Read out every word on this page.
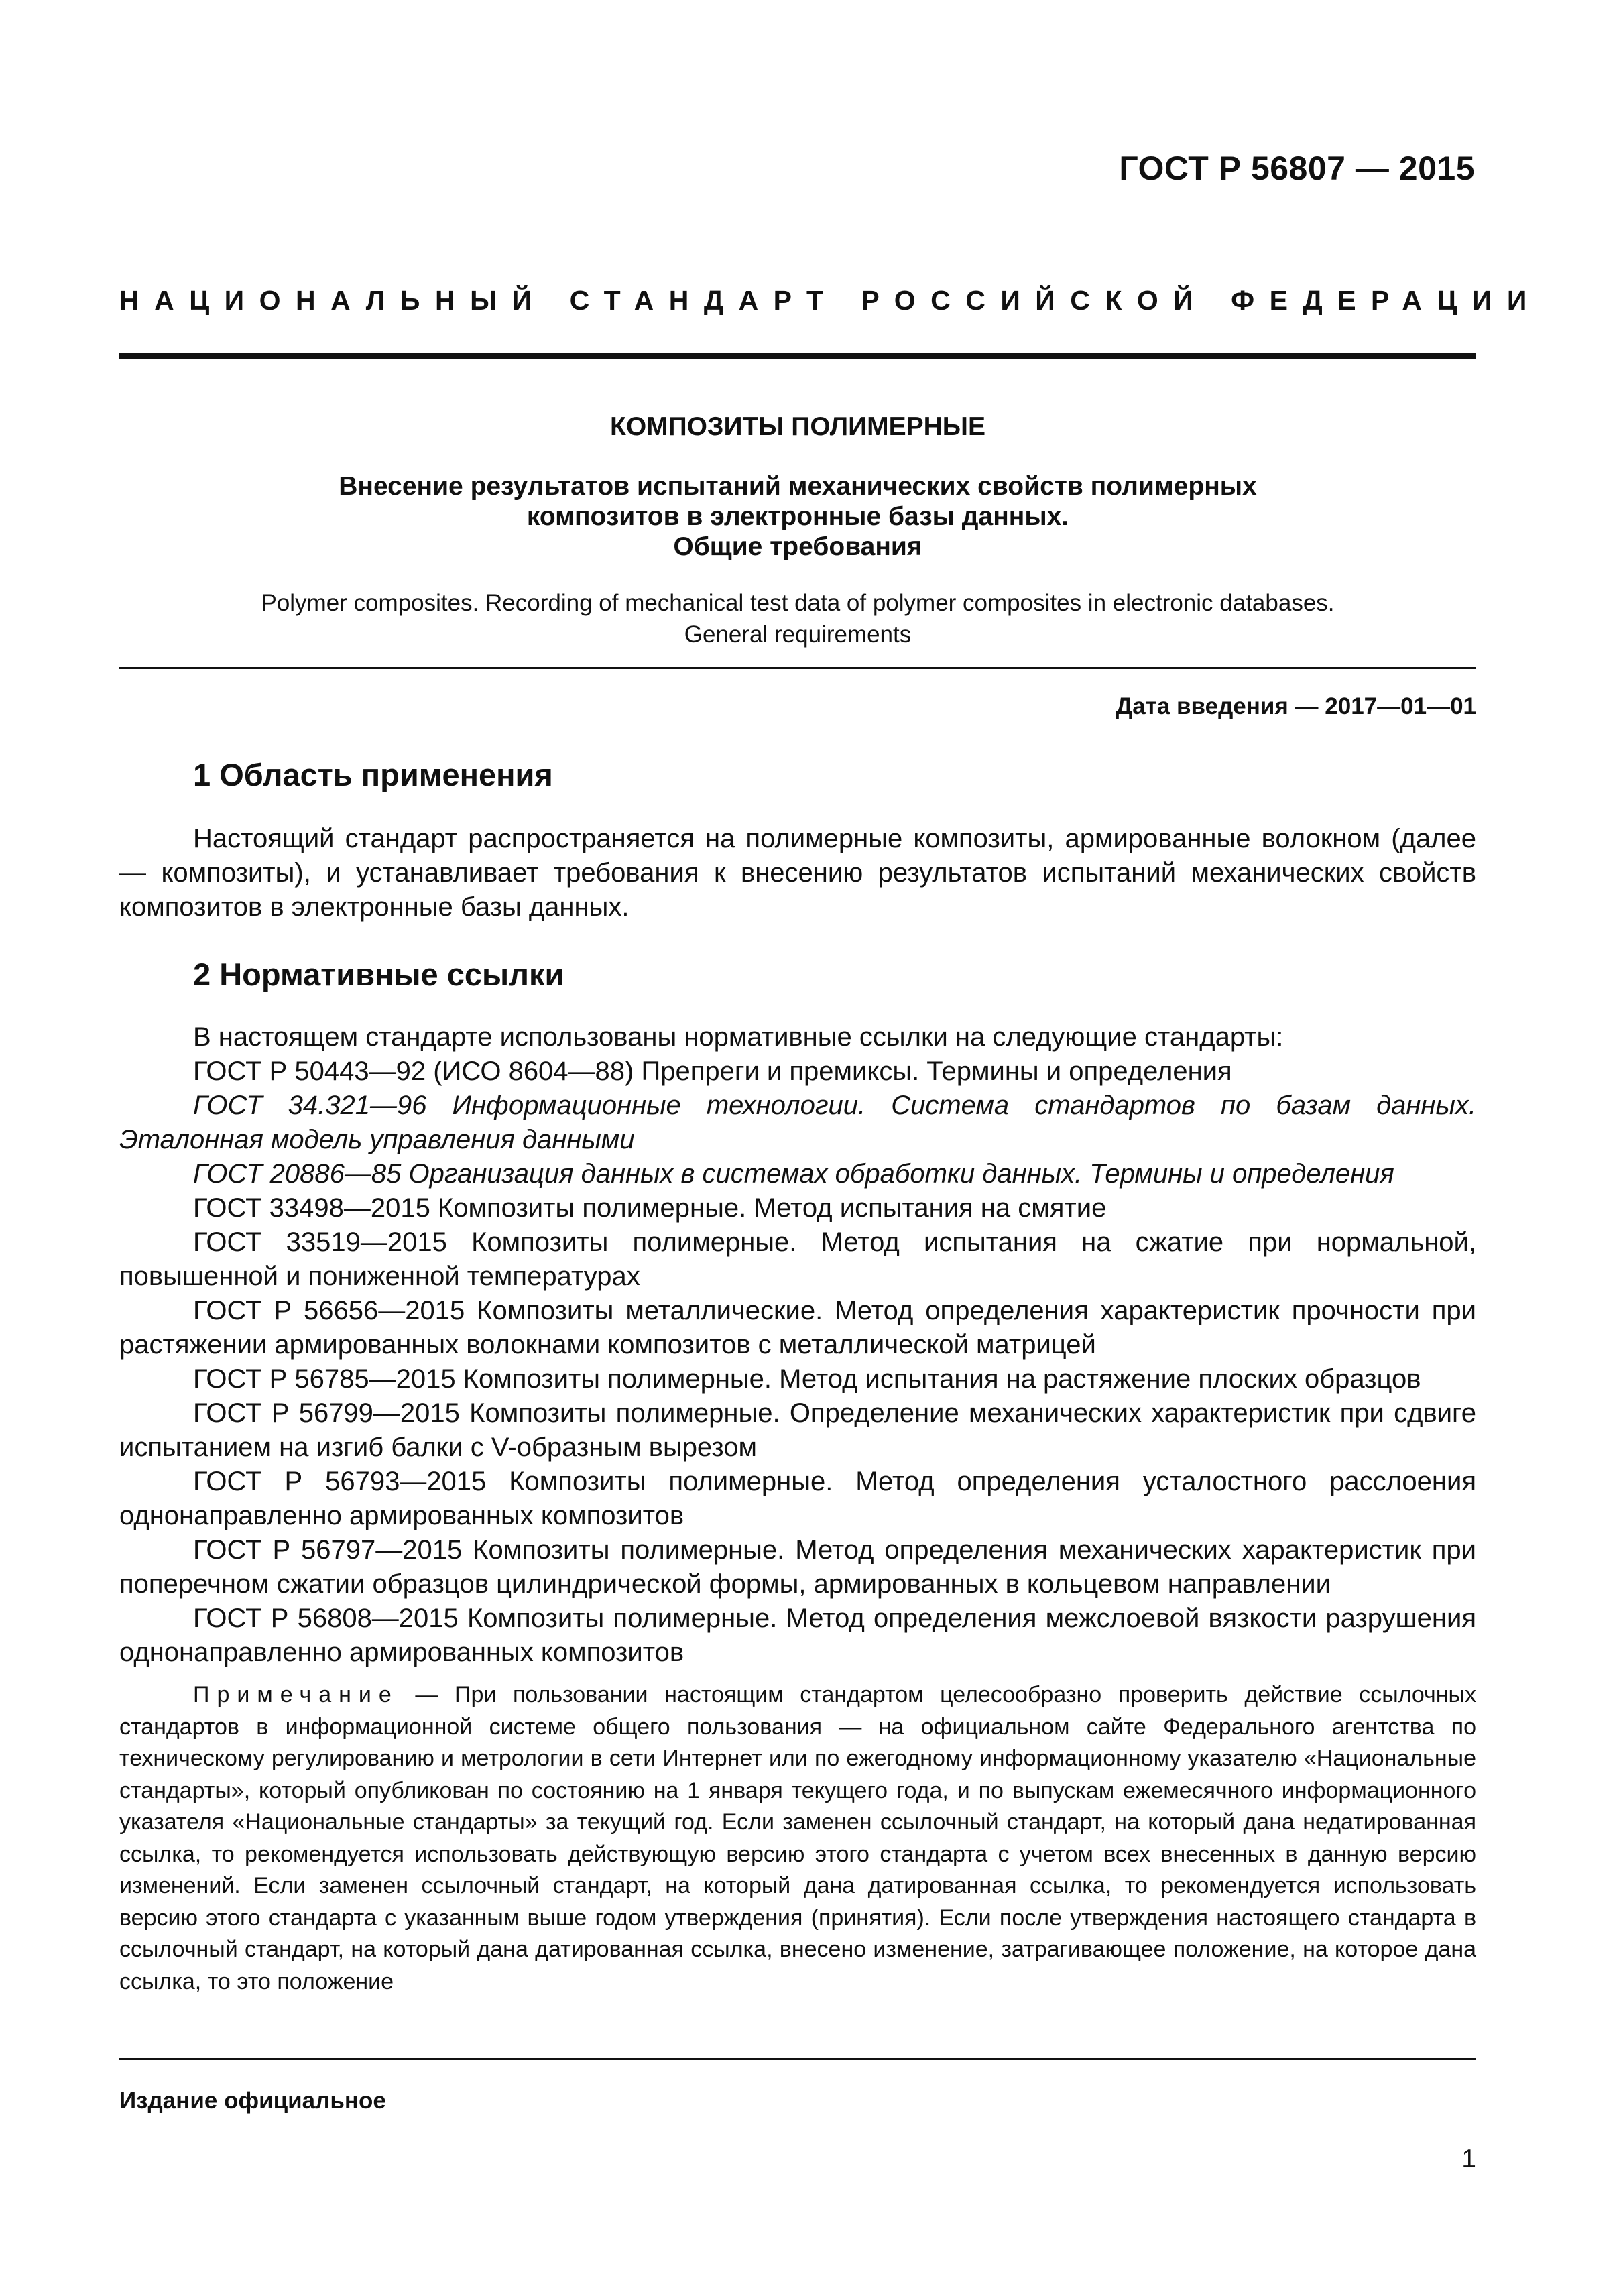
ГОСТ Р 56807 — 2015
НАЦИОНАЛЬНЫЙ СТАНДАРТ РОССИЙСКОЙ ФЕДЕРАЦИИ
КОМПОЗИТЫ ПОЛИМЕРНЫЕ
Внесение результатов испытаний механических свойств полимерных
композитов в электронные базы данных.
Общие требования
Polymer composites. Recording of mechanical test data of polymer composites in electronic databases.
General requirements
Дата введения — 2017—01—01
1 Область применения

Настоящий стандарт распространяется на полимерные композиты, армированные волокном (далее — композиты), и устанавливает требования к внесению результатов испытаний механических свойств композитов в электронные базы данных.

2 Нормативные ссылки

В настоящем стандарте использованы нормативные ссылки на следующие стандарты:

ГОСТ Р 50443—92 (ИСО 8604—88) Препреги и премиксы. Термины и определения

ГОСТ 34.321—96 Информационные технологии. Система стандартов по базам данных. Эталонная модель управления данными

ГОСТ 20886—85 Организация данных в системах обработки данных. Термины и определения

ГОСТ 33498—2015 Композиты полимерные. Метод испытания на смятие

ГОСТ 33519—2015 Композиты полимерные. Метод испытания на сжатие при нормальной, повышенной и пониженной температурах

ГОСТ Р 56656—2015 Композиты металлические. Метод определения характеристик прочности при растяжении армированных волокнами композитов с металлической матрицей

ГОСТ Р 56785—2015 Композиты полимерные. Метод испытания на растяжение плоских образцов

ГОСТ Р 56799—2015 Композиты полимерные. Определение механических характеристик при сдвиге испытанием на изгиб балки с V-образным вырезом

ГОСТ Р 56793—2015 Композиты полимерные. Метод определения усталостного расслоения однонаправленно армированных композитов

ГОСТ Р 56797—2015 Композиты полимерные. Метод определения механических характеристик при поперечном сжатии образцов цилиндрической формы, армированных в кольцевом направлении

ГОСТ Р 56808—2015 Композиты полимерные. Метод определения межслоевой вязкости разрушения однонаправленно армированных композитов

Примечание — При пользовании настоящим стандартом целесообразно проверить действие ссылочных стандартов в информационной системе общего пользования — на официальном сайте Федерального агентства по техническому регулированию и метрологии в сети Интернет или по ежегодному информационному указателю «Национальные стандарты», который опубликован по состоянию на 1 января текущего года, и по выпускам ежемесячного информационного указателя «Национальные стандарты» за текущий год. Если заменен ссылочный стандарт, на который дана недатированная ссылка, то рекомендуется использовать действующую версию этого стандарта с учетом всех внесенных в данную версию изменений. Если заменен ссылочный стандарт, на который дана датированная ссылка, то рекомендуется использовать версию этого стандарта с указанным выше годом утверждения (принятия). Если после утверждения настоящего стандарта в ссылочный стандарт, на который дана датированная ссылка, внесено изменение, затрагивающее положение, на которое дана ссылка, то это положение
Издание официальное
1
